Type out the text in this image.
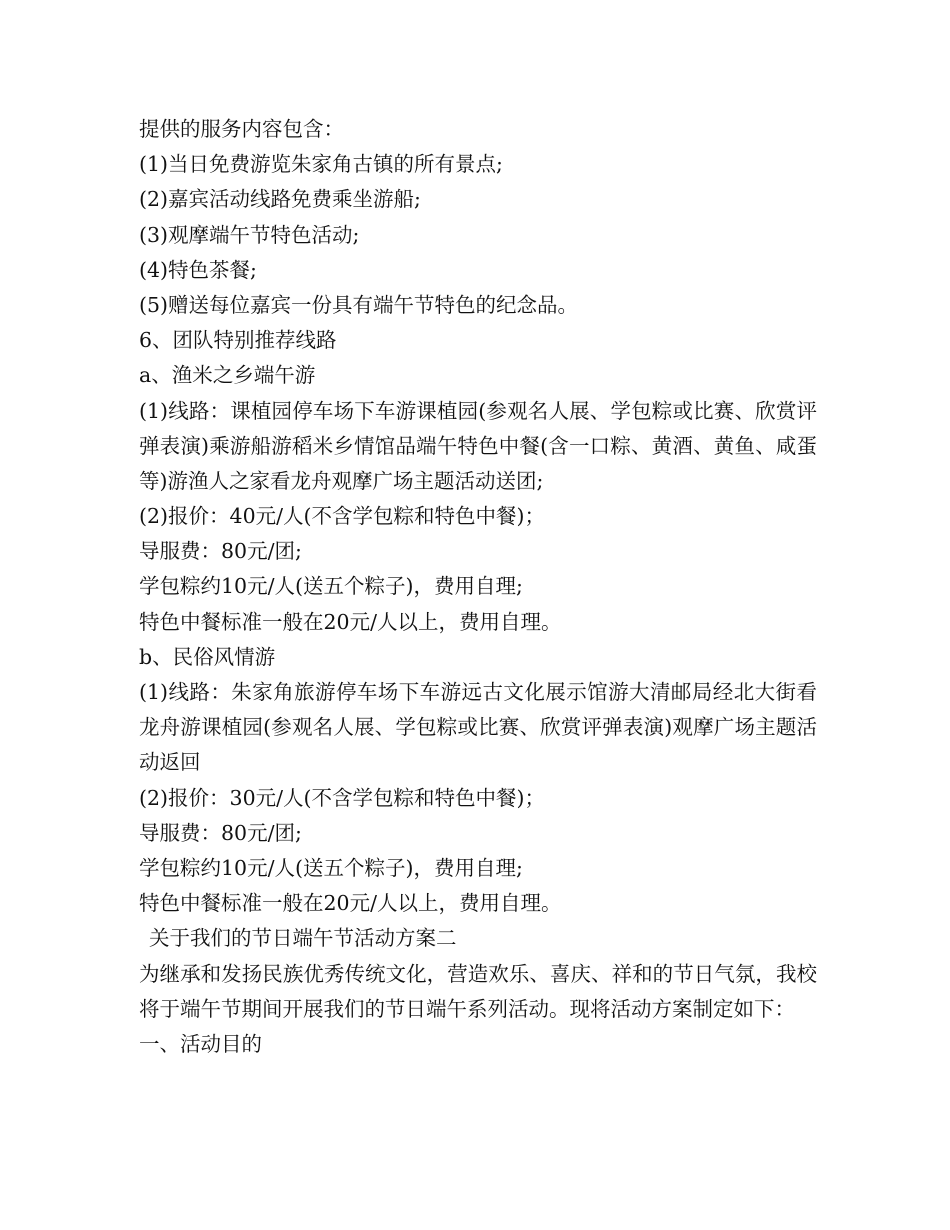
提供的服务内容包含：
(1)当日免费游览朱家角古镇的所有景点;
(2)嘉宾活动线路免费乘坐游船;
(3)观摩端午节特色活动;
(4)特色茶餐;
(5)赠送每位嘉宾一份具有端午节特色的纪念品。
6、团队特别推荐线路
a、渔米之乡端午游
(1)线路：课植园停车场下车游课植园(参观名人展、学包粽或比赛、欣赏评弹表演)乘游船游稻米乡情馆品端午特色中餐(含一口粽、黄酒、黄鱼、咸蛋等)游渔人之家看龙舟观摩广场主题活动送团;
(2)报价：40元/人(不含学包粽和特色中餐)；
导服费：80元/团;
学包粽约10元/人(送五个粽子)，费用自理;
特色中餐标准一般在20元/人以上，费用自理。
b、民俗风情游
(1)线路：朱家角旅游停车场下车游远古文化展示馆游大清邮局经北大街看龙舟游课植园(参观名人展、学包粽或比赛、欣赏评弹表演)观摩广场主题活动返回
(2)报价：30元/人(不含学包粽和特色中餐)；
导服费：80元/团;
学包粽约10元/人(送五个粽子)，费用自理;
特色中餐标准一般在20元/人以上，费用自理。
关于我们的节日端午节活动方案二
为继承和发扬民族优秀传统文化，营造欢乐、喜庆、祥和的节日气氛，我校将于端午节期间开展我们的节日端午系列活动。现将活动方案制定如下：
一、活动目的
